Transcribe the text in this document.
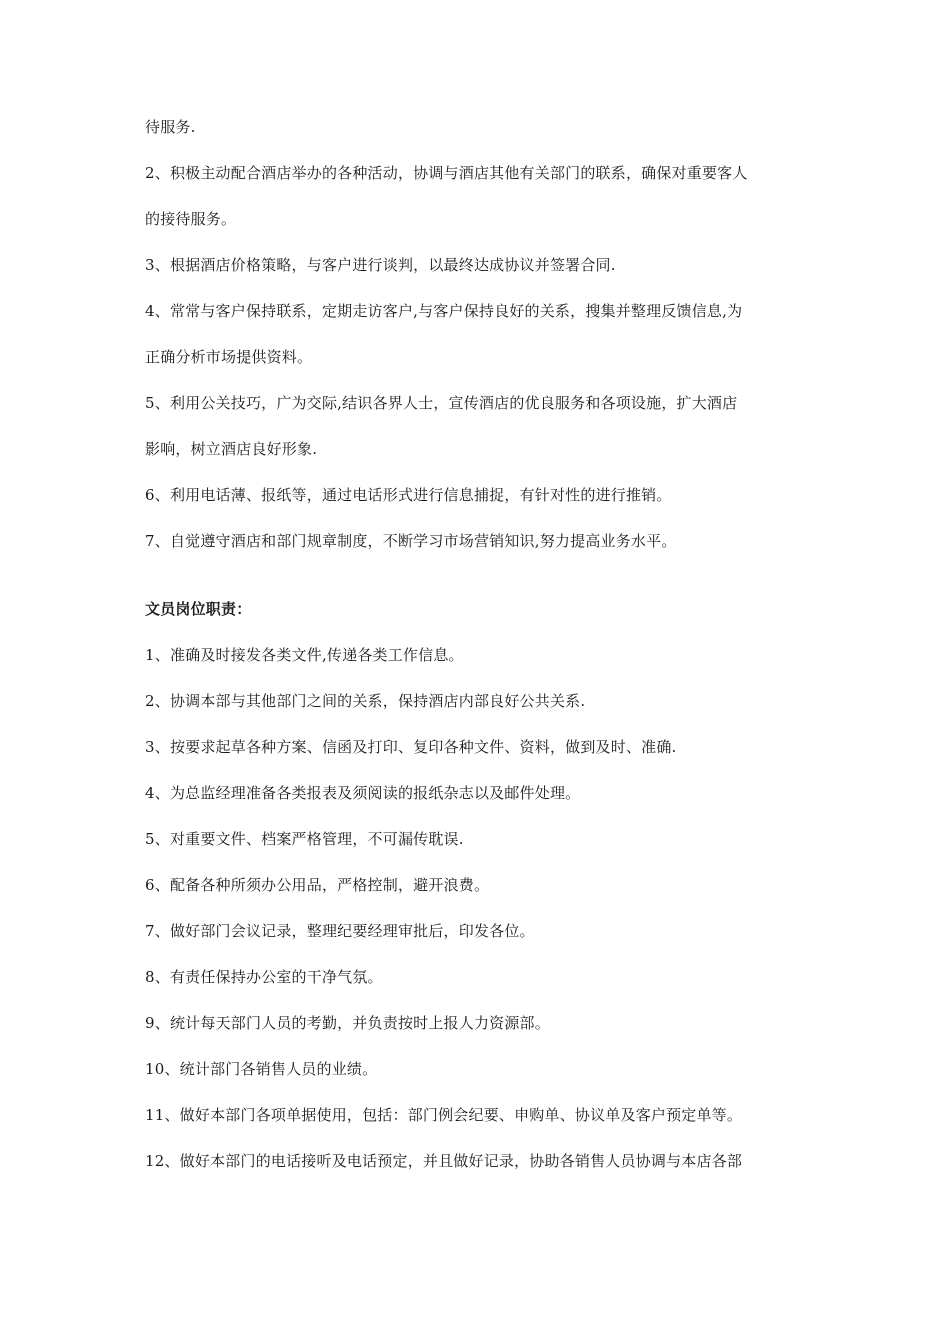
待服务.
2、积极主动配合酒店举办的各种活动，协调与酒店其他有关部门的联系，确保对重要客人
的接待服务。
3、根据酒店价格策略，与客户进行谈判，以最终达成协议并签署合同.
4、常常与客户保持联系，定期走访客户,与客户保持良好的关系，搜集并整理反馈信息,为
正确分析市场提供资料。
5、利用公关技巧，广为交际,结识各界人士，宣传酒店的优良服务和各项设施，扩大酒店
影响，树立酒店良好形象.
6、利用电话薄、报纸等，通过电话形式进行信息捕捉，有针对性的进行推销。
7、自觉遵守酒店和部门规章制度，不断学习市场营销知识,努力提高业务水平。
文员岗位职责：
1、准确及时接发各类文件,传递各类工作信息。
2、协调本部与其他部门之间的关系，保持酒店内部良好公共关系.
3、按要求起草各种方案、信函及打印、复印各种文件、资料，做到及时、准确.
4、为总监经理准备各类报表及须阅读的报纸杂志以及邮件处理。
5、对重要文件、档案严格管理，不可漏传耽误.
6、配备各种所须办公用品，严格控制，避开浪费。
7、做好部门会议记录，整理纪要经理审批后，印发各位。
8、有责任保持办公室的干净气氛。
9、统计每天部门人员的考勤，并负责按时上报人力资源部。
10、统计部门各销售人员的业绩。
11、做好本部门各项单据使用，包括：部门例会纪要、申购单、协议单及客户预定单等。
12、做好本部门的电话接听及电话预定，并且做好记录，协助各销售人员协调与本店各部
